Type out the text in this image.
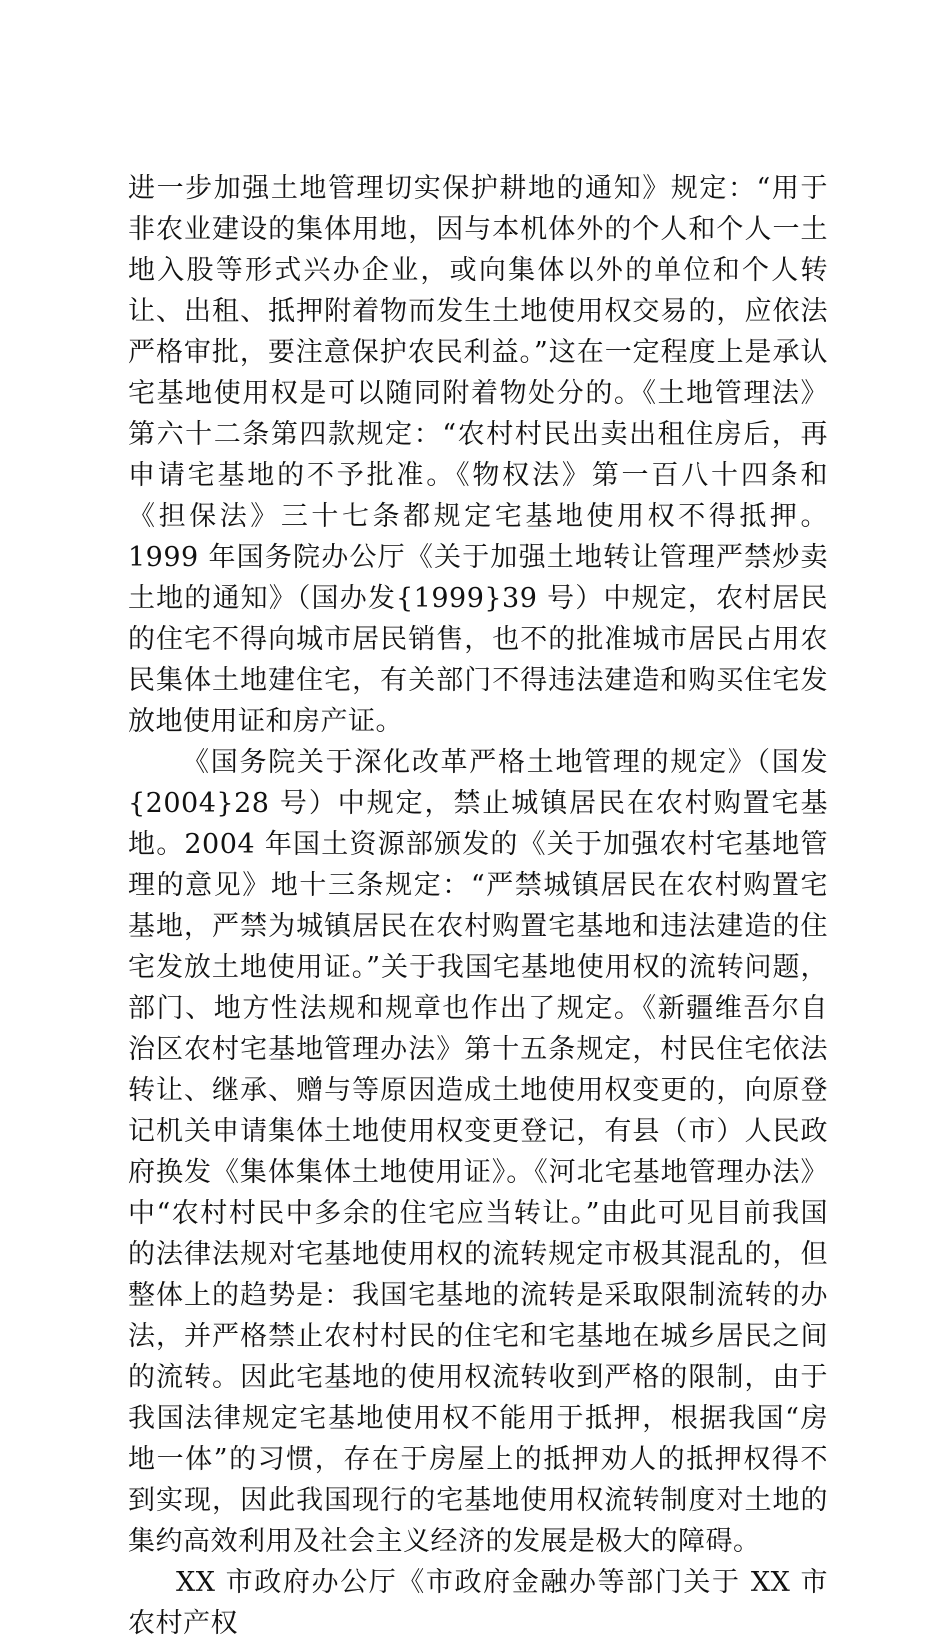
进一步加强土地管理切实保护耕地的通知》规定：“用于非农业建设的集体用地，因与本机体外的个人和个人一土地入股等形式兴办企业，或向集体以外的单位和个人转让、出租、抵押附着物而发生土地使用权交易的，应依法严格审批，要注意保护农民利益。”这在一定程度上是承认宅基地使用权是可以随同附着物处分的。《土地管理法》第六十二条第四款规定：“农村村民出卖出租住房后，再申请宅基地的不予批准。《物权法》第一百八十四条和《担保法》三十七条都规定宅基地使用权不得抵押。1999 年国务院办公厅《关于加强土地转让管理严禁炒卖土地的通知》（国办发{1999}39 号）中规定，农村居民的住宅不得向城市居民销售，也不的批准城市居民占用农民集体土地建住宅，有关部门不得违法建造和购买住宅发放地使用证和房产证。

《国务院关于深化改革严格土地管理的规定》（国发{2004}28 号）中规定，禁止城镇居民在农村购置宅基地。2004 年国土资源部颁发的《关于加强农村宅基地管理的意见》地十三条规定：“严禁城镇居民在农村购置宅基地，严禁为城镇居民在农村购置宅基地和违法建造的住宅发放土地使用证。”关于我国宅基地使用权的流转问题，部门、地方性法规和规章也作出了规定。《新疆维吾尔自治区农村宅基地管理办法》第十五条规定，村民住宅依法转让、继承、赠与等原因造成土地使用权变更的，向原登记机关申请集体土地使用权变更登记，有县（市）人民政府换发《集体集体土地使用证》。《河北宅基地管理办法》中“农村村民中多余的住宅应当转让。”由此可见目前我国的法律法规对宅基地使用权的流转规定市极其混乱的，但整体上的趋势是：我国宅基地的流转是采取限制流转的办法，并严格禁止农村村民的住宅和宅基地在城乡居民之间的流转。因此宅基地的使用权流转收到严格的限制，由于我国法律规定宅基地使用权不能用于抵押，根据我国“房地一体”的习惯，存在于房屋上的抵押劝人的抵押权得不到实现，因此我国现行的宅基地使用权流转制度对土地的集约高效利用及社会主义经济的发展是极大的障碍。

XX 市政府办公厅《市政府金融办等部门关于 XX 市农村产权
